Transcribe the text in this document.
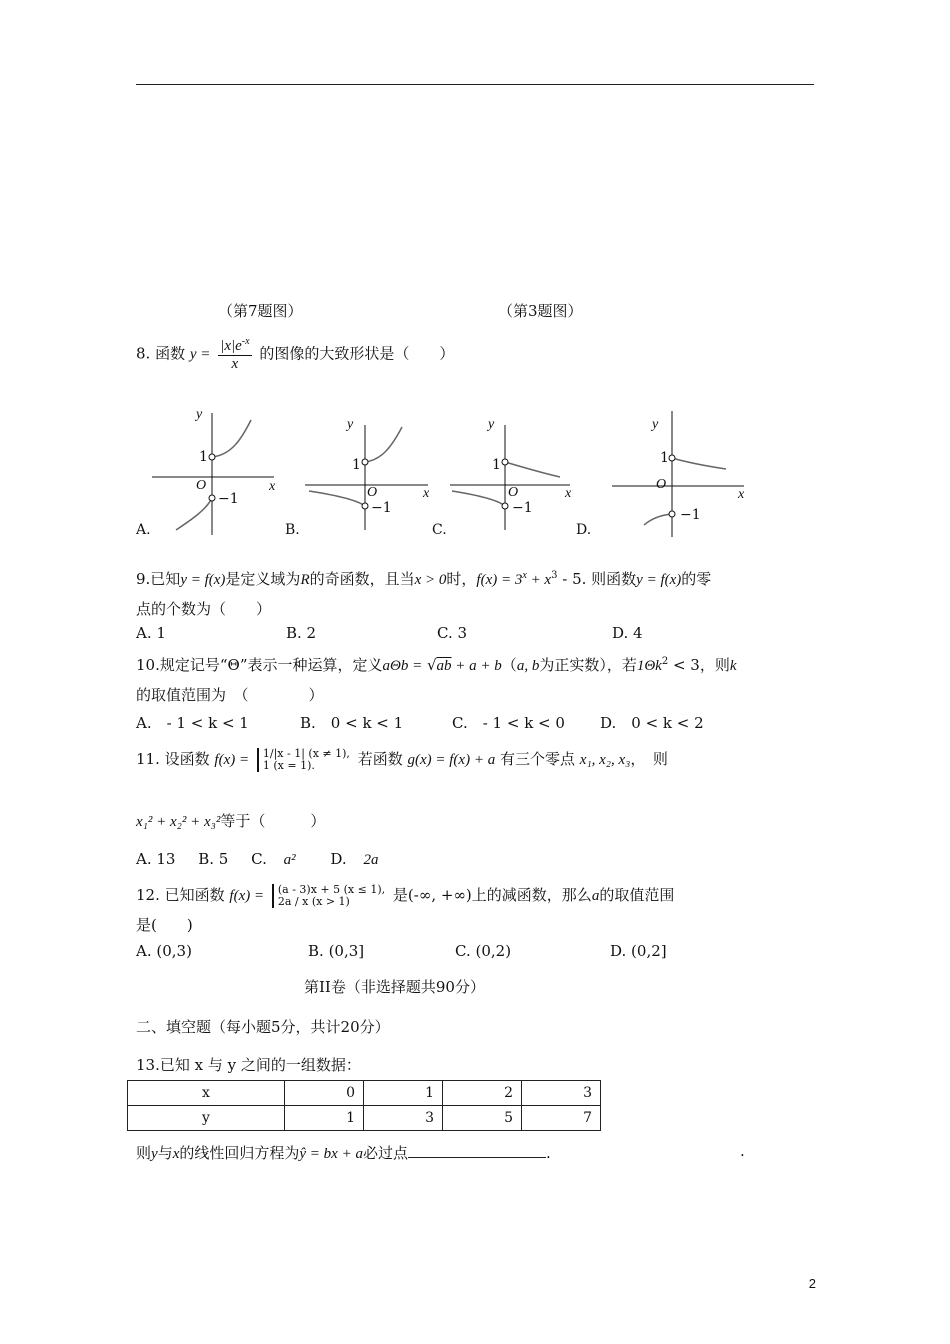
（第7题图）	（第3题图）
8. 函数 $y = \frac{|x|e^{-x}}{x}$ 的图像的大致形状是（　　）
y
x
O
1
−1
A.
y
x
O
1
−1
B.
y
x
O
1
−1
C.
y
x
O
1
−1
D.
9.已知y = f(x)是定义域为R的奇函数，且当x > 0时，$f(x) = 3^x + x^3 - 5$. 则函数y = f(x)的零
点的个数为（　　）
A. 1	B. 2	C. 3	D. 4
10.规定记号“Θ”表示一种运算，定义aΘb = √ab + a + b（a, b为正实数），若$1\Theta k^2 < 3$，则k
的取值范围为　（　　　　）
A.　- 1 < k < 1	B.　0 < k < 1	C.　- 1 < k < 0 D.　0 < k < 2
11. 设函数 f(x) = 1/|x - 1| (x ≠ 1),
1 (x = 1).	若函数 g(x) = f(x) + a 有三个零点 x₁, x₂, x₃，　则
x₁² + x₂² + x₃²等于（　　　）
A. 13 B. 5 C. a² D. 2a
12. 已知函数 f(x) = (a - 3)x + 5 (x ≤ 1),
2a / x (x > 1)	是(-∞, +∞)上的减函数，那么a的取值范围
是(　　)
A. (0,3)	B. (0,3]	C. (0,2)	D. (0,2]
第II卷（非选择题共90分）
二、填空题（每小题5分，共计20分）
13.已知 x 与 y 之间的一组数据：
x	0	1	2	3
y	1	3	5	7
则y与x的线性回归方程为ŷ = bx + a必过点	.	.
2
